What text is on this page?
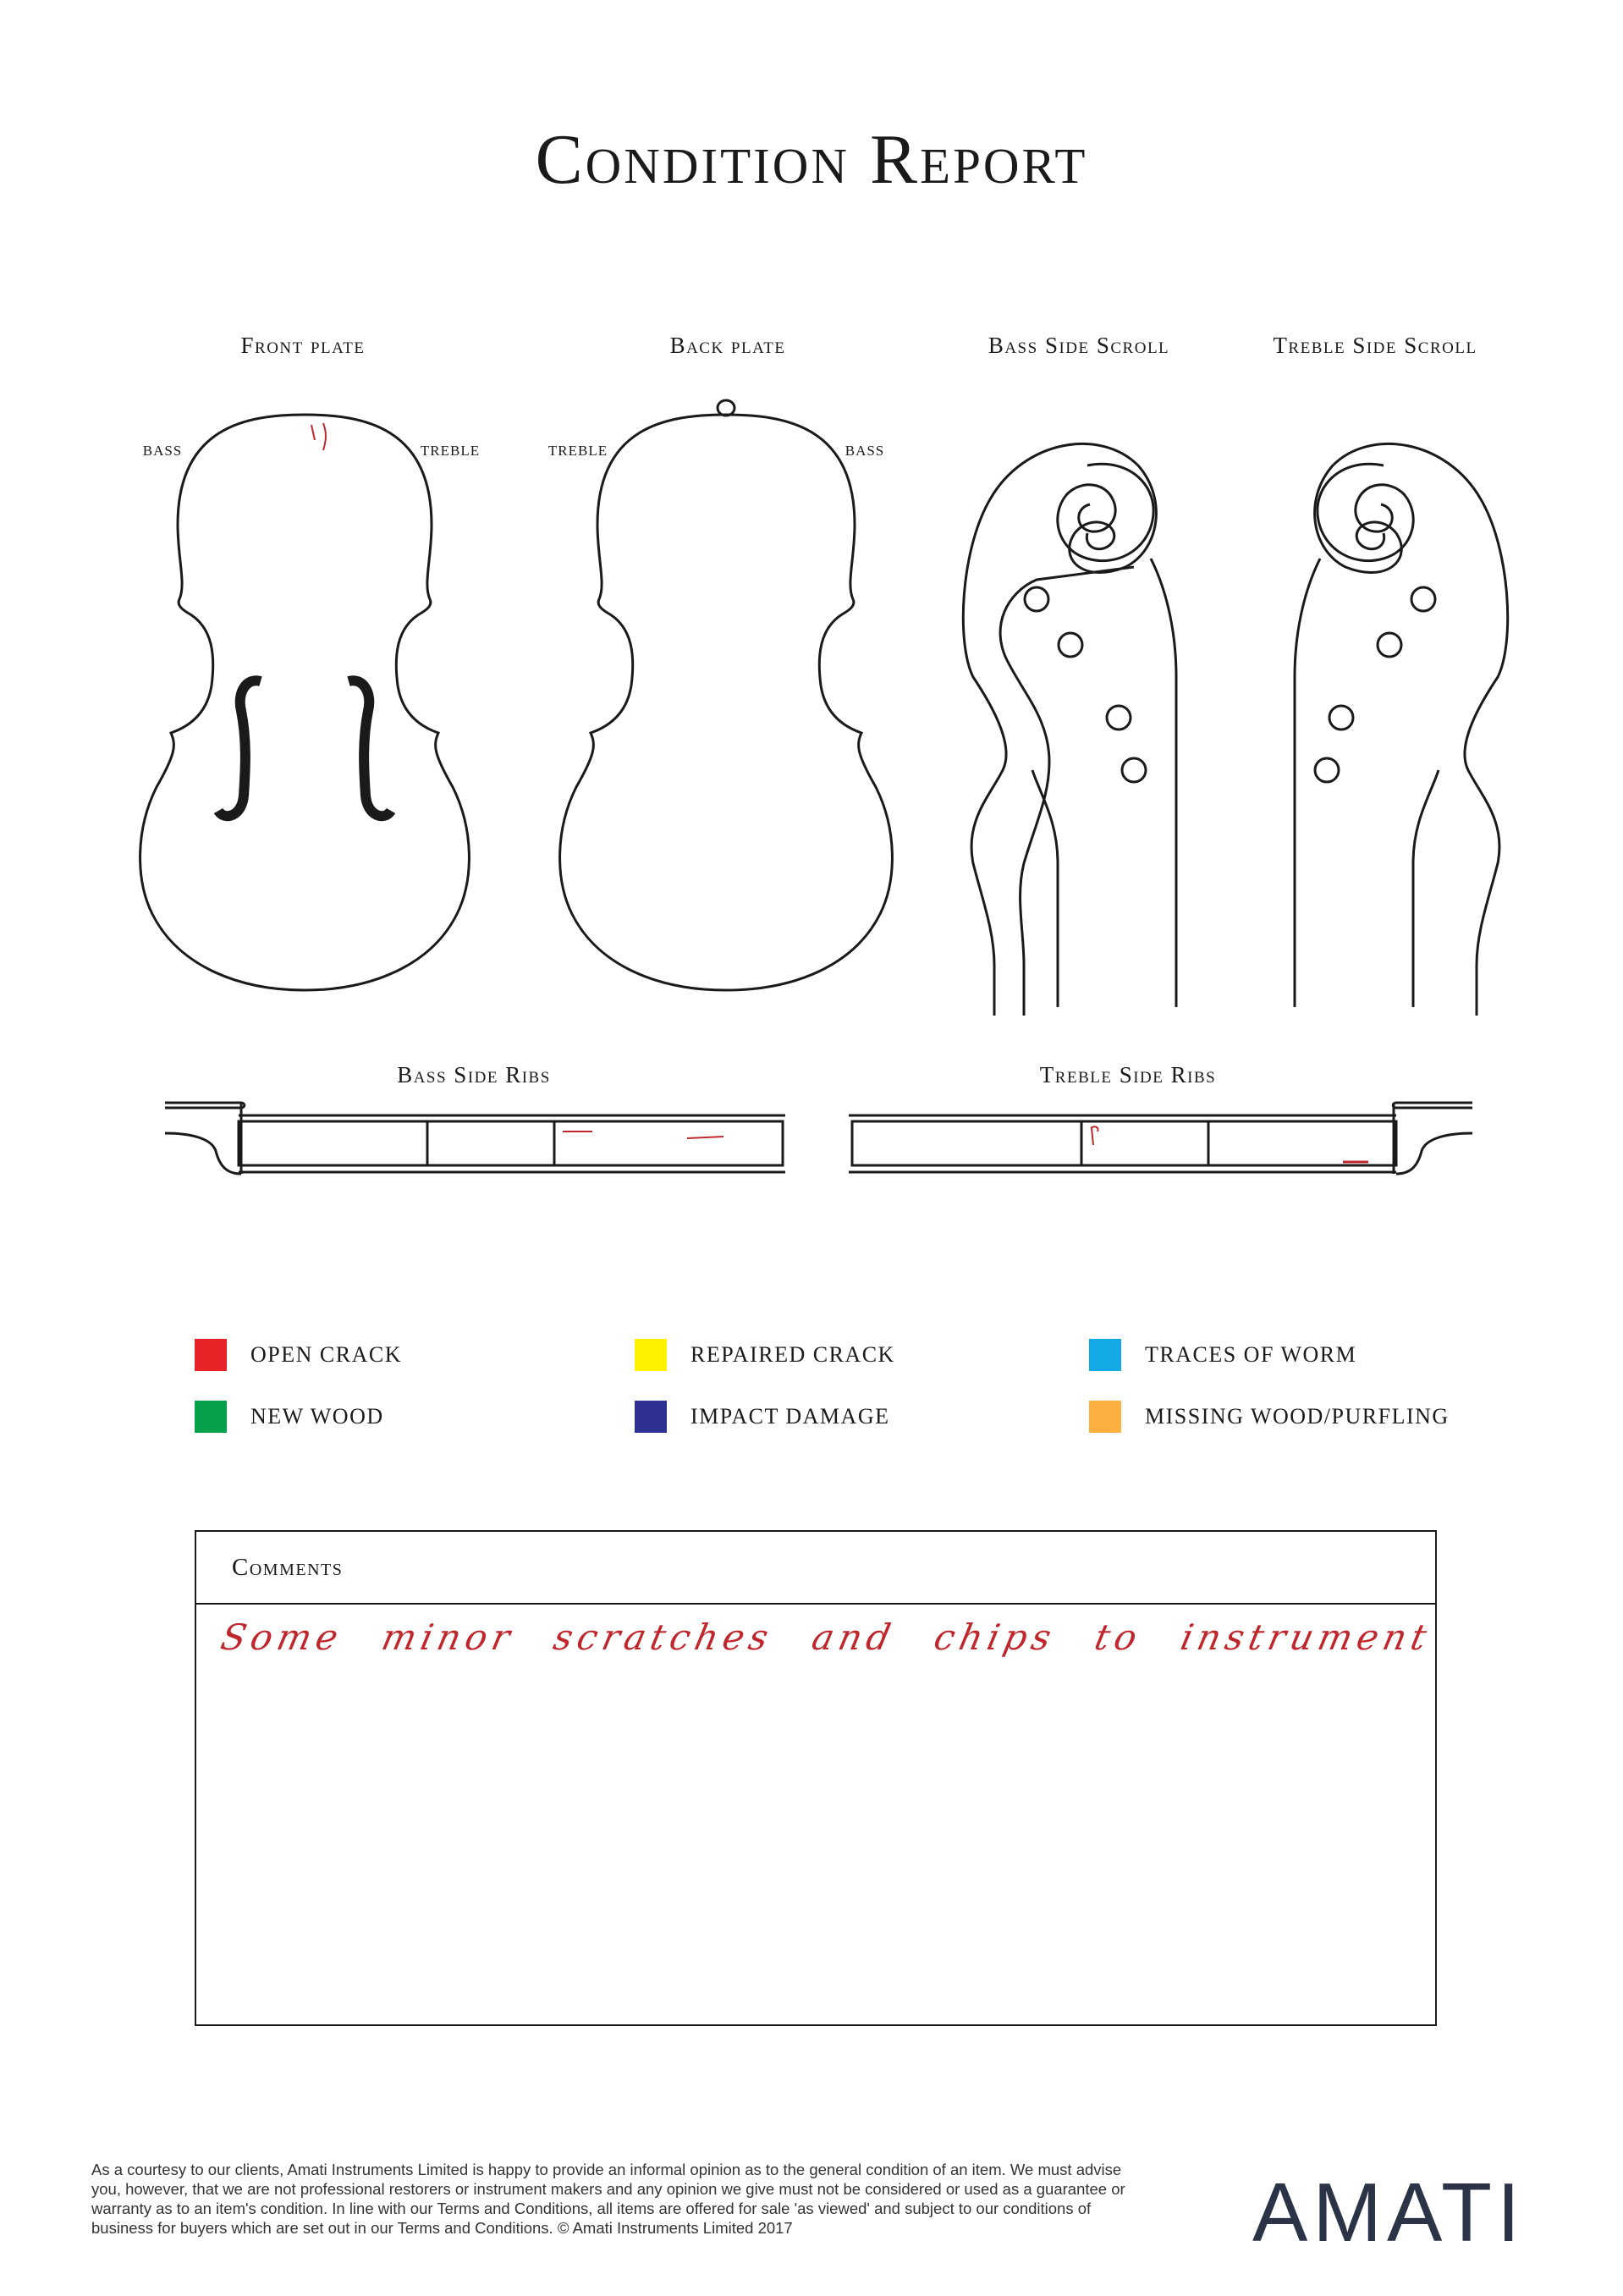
Condition Report
Front plate	Back plate	Bass Side Scroll	Treble Side Scroll
BASS	TREBLE	TREBLE	BASS
Bass Side Ribs	Treble Side Ribs
OPEN CRACK	REPAIRED CRACK	TRACES OF WORM
NEW WOOD	IMPACT DAMAGE	MISSING WOOD/PURFLING
Comments
Some minor scratches and chips to instrument
As a courtesy to our clients, Amati Instruments Limited is happy to provide an informal opinion as to the general condition of an item. We must advise you, however, that we are not professional restorers or instrument makers and any opinion we give must not be considered or used as a guarantee or warranty as to an item's condition. In line with our Terms and Conditions, all items are offered for sale 'as viewed' and subject to our conditions of business for buyers which are set out in our Terms and Conditions. © Amati Instruments Limited 2017	AMATI
